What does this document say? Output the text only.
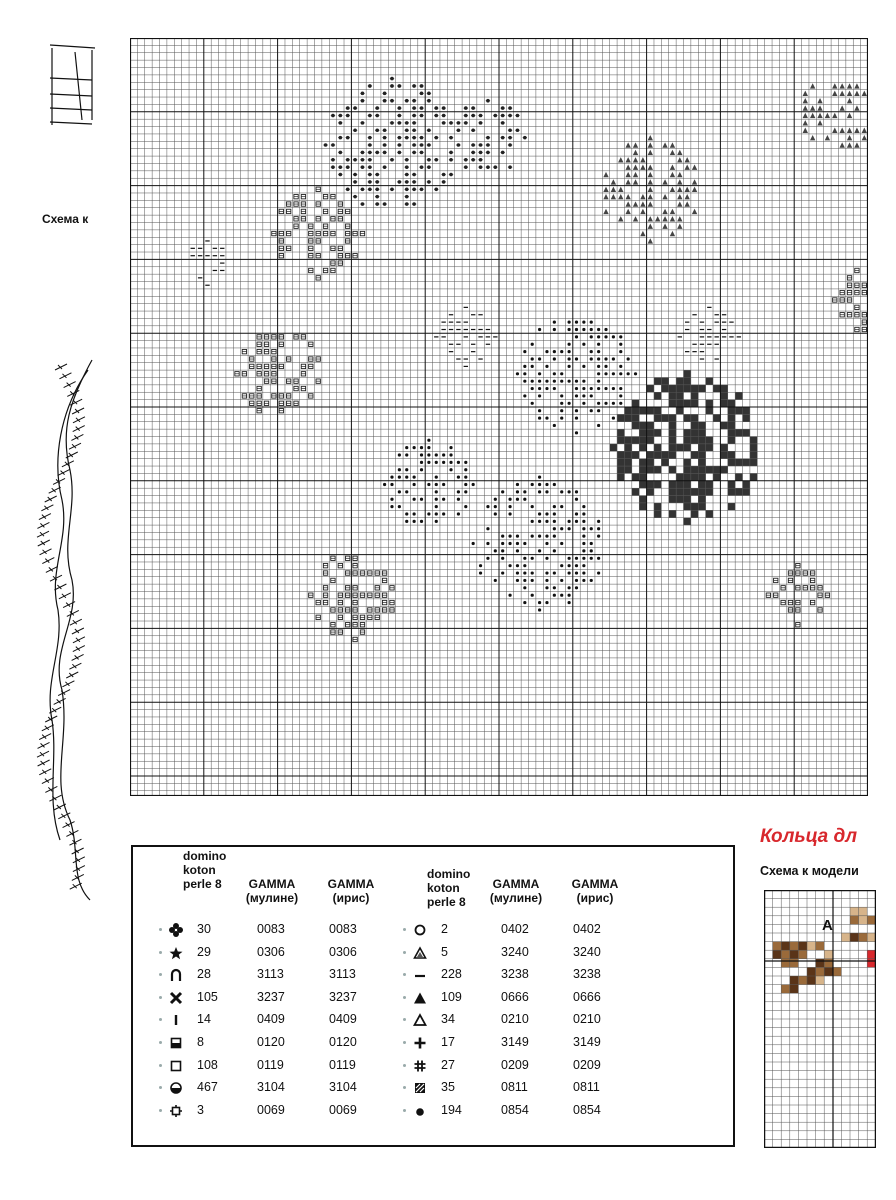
Схема к
domino
koton
perle 8	GAMMA
(мулине)
GAMMA
(ирис)
domino
koton
perle 8
GAMMA
(мулине)
GAMMA
(ирис)
30	0083	0083
29	0306	0306
28	3113	3113
105	3237	3237
14	0409	0409
8	0120	0120
108	0119	0119
467	3104	3104
3	0069	0069
2	0402	0402
5	3240	3240
228	3238	3238
109	0666	0666
34	0210	0210
17	3149	3149
27	0209	0209
35	0811	0811
194	0854	0854
Кольца дл
Схема к модели
A
